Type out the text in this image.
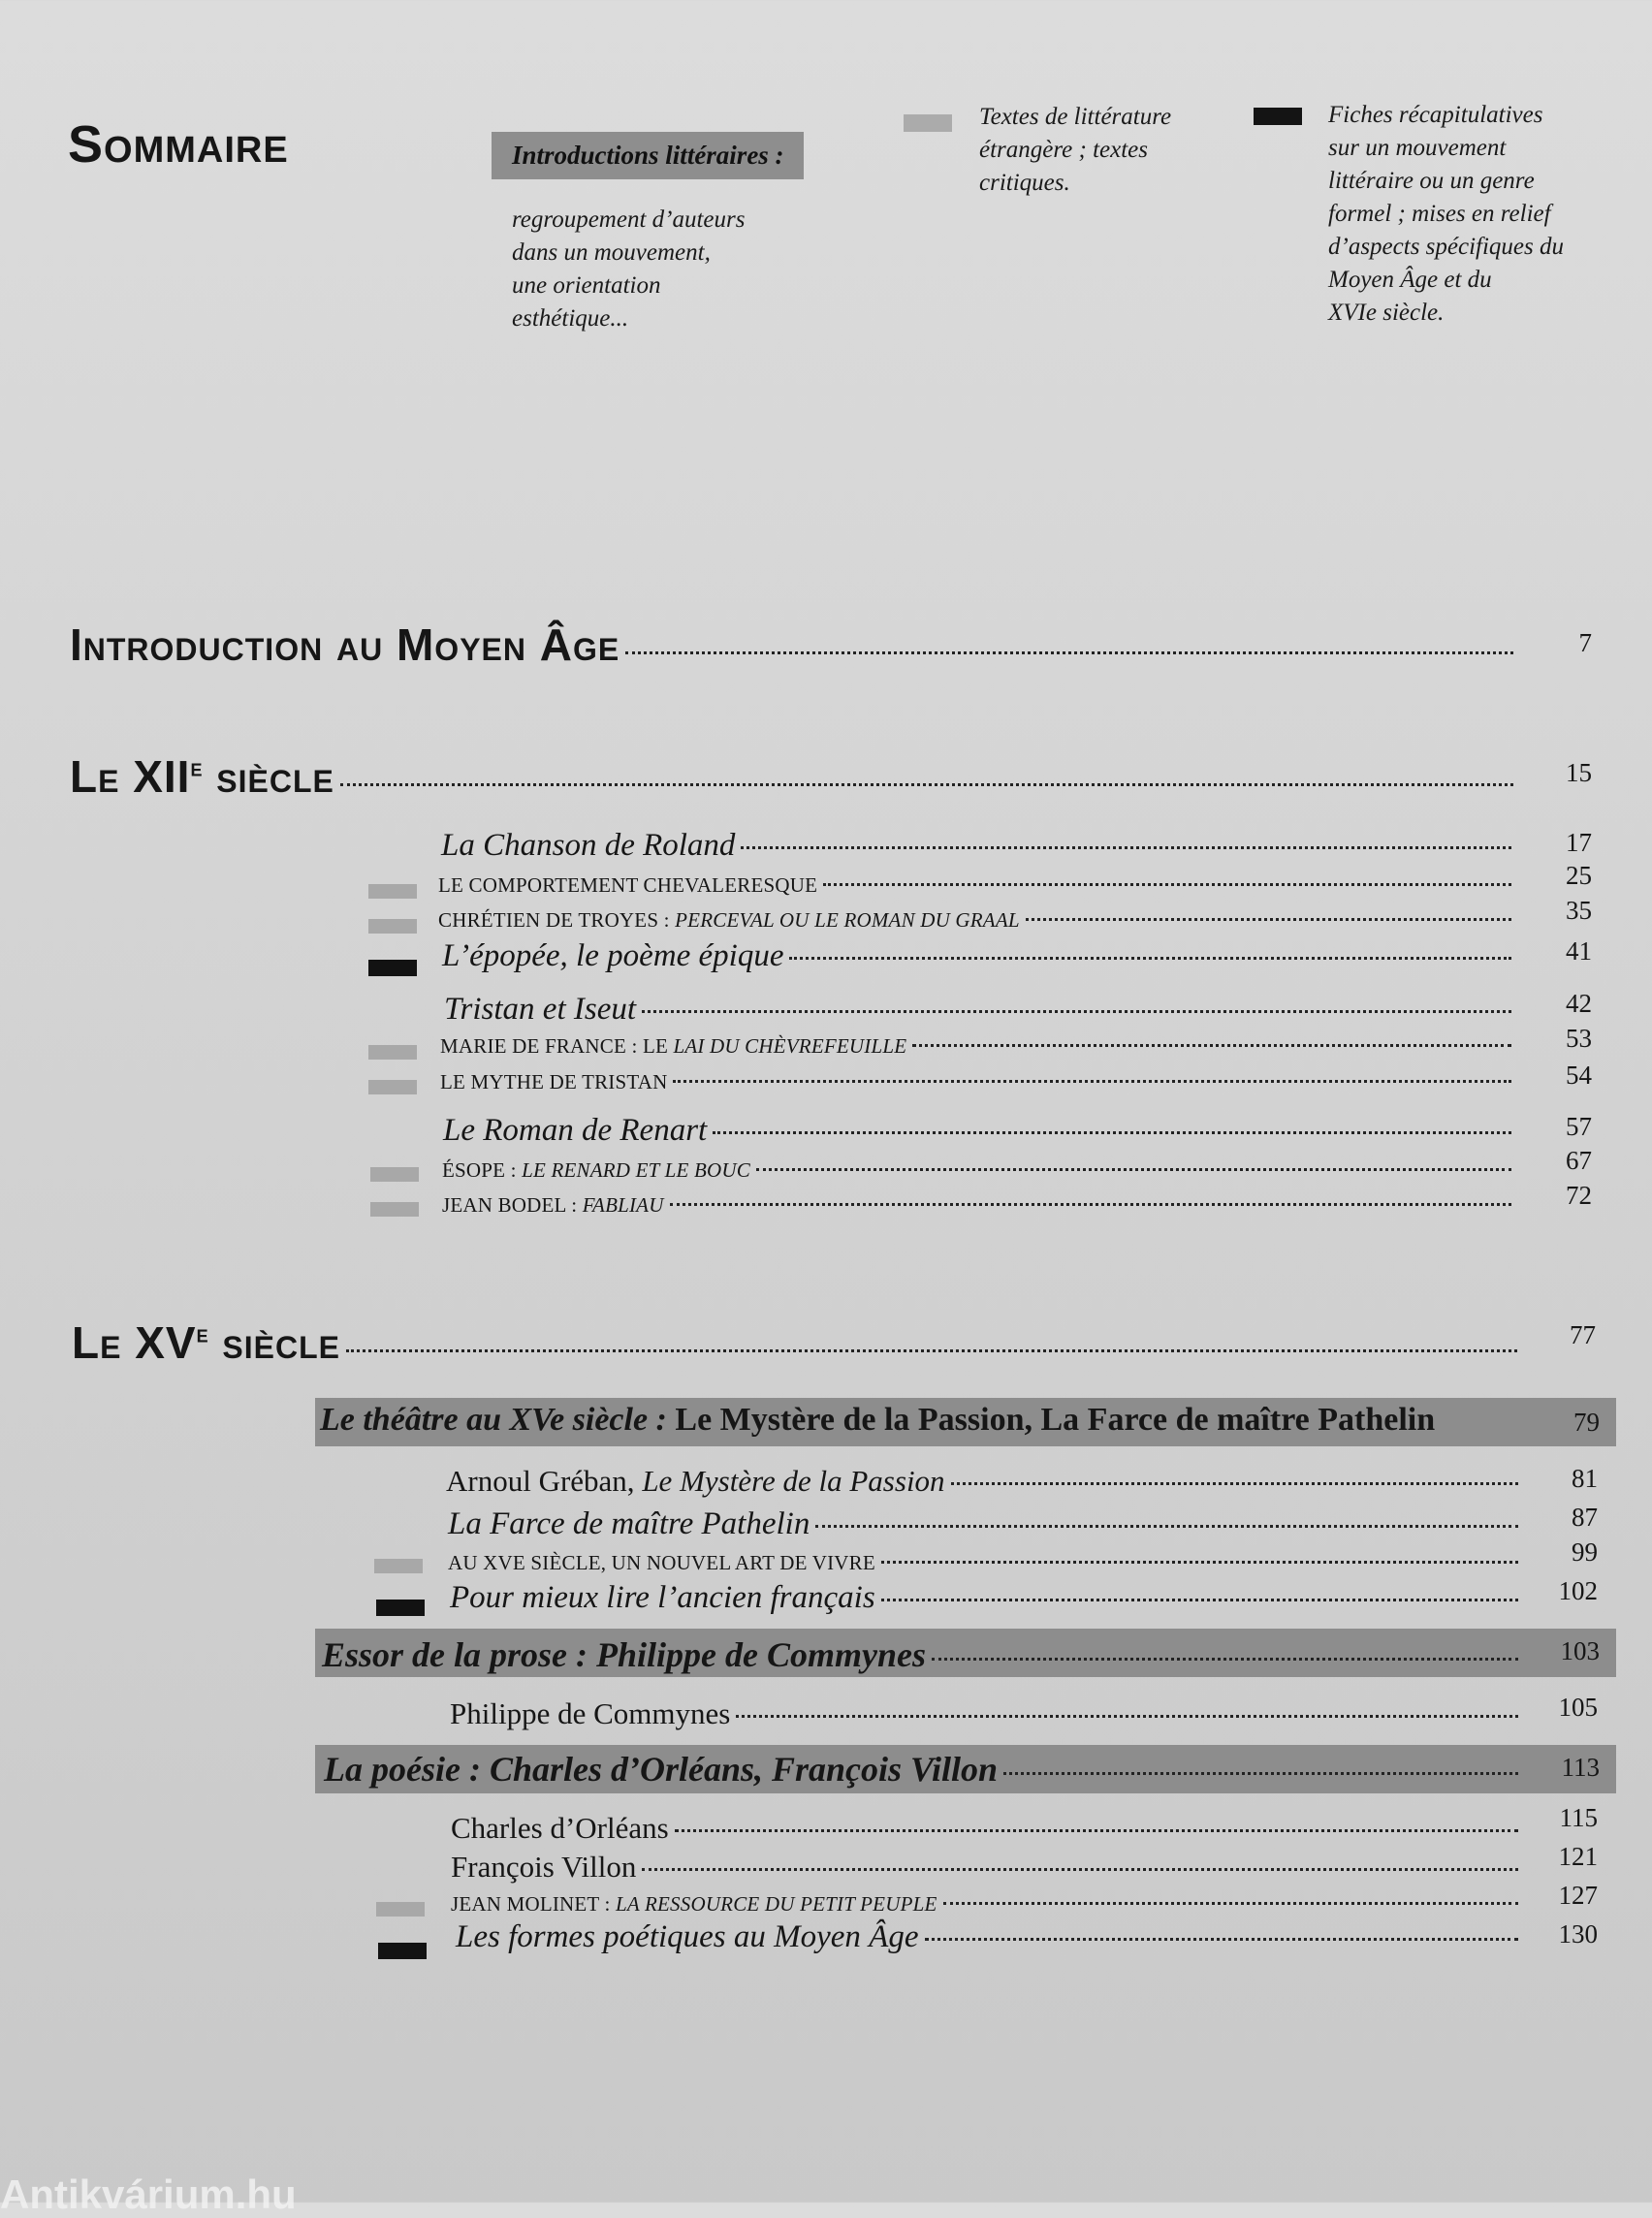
Sommaire	Introductions littéraires :
regroupement d’auteurs
dans un mouvement,
une orientation
esthétique...
Textes de littérature
étrangère ; textes
critiques.
Fiches récapitulatives
sur un mouvement
littéraire ou un genre
formel ; mises en relief
d’aspects spécifiques du
Moyen Âge et du
XVIe siècle.
Introduction au Moyen Âge	7
Le XIIe siècle	15
La Chanson de Roland	17
LE COMPORTEMENT CHEVALERESQUE	25
CHRÉTIEN DE TROYES : PERCEVAL OU LE ROMAN DU GRAAL	35
L’épopée, le poème épique	41
Tristan et Iseut	42
MARIE DE FRANCE : LE LAI DU CHÈVREFEUILLE	53
LE MYTHE DE TRISTAN	54
Le Roman de Renart	57
ÉSOPE : LE RENARD ET LE BOUC	67
JEAN BODEL : FABLIAU	72
Le XVe siècle	77
Le théâtre au XVe siècle : Le Mystère de la Passion, La Farce de maître Pathelin	79
Arnoul Gréban, Le Mystère de la Passion	81
La Farce de maître Pathelin	87
AU XVE SIÈCLE, UN NOUVEL ART DE VIVRE	99
Pour mieux lire l’ancien français	102
Essor de la prose : Philippe de Commynes	103
Philippe de Commynes	105
La poésie : Charles d’Orléans, François Villon	113
Charles d’Orléans	115
François Villon	121
JEAN MOLINET : LA RESSOURCE DU PETIT PEUPLE	127
Les formes poétiques au Moyen Âge	130
Antikvárium.hu
